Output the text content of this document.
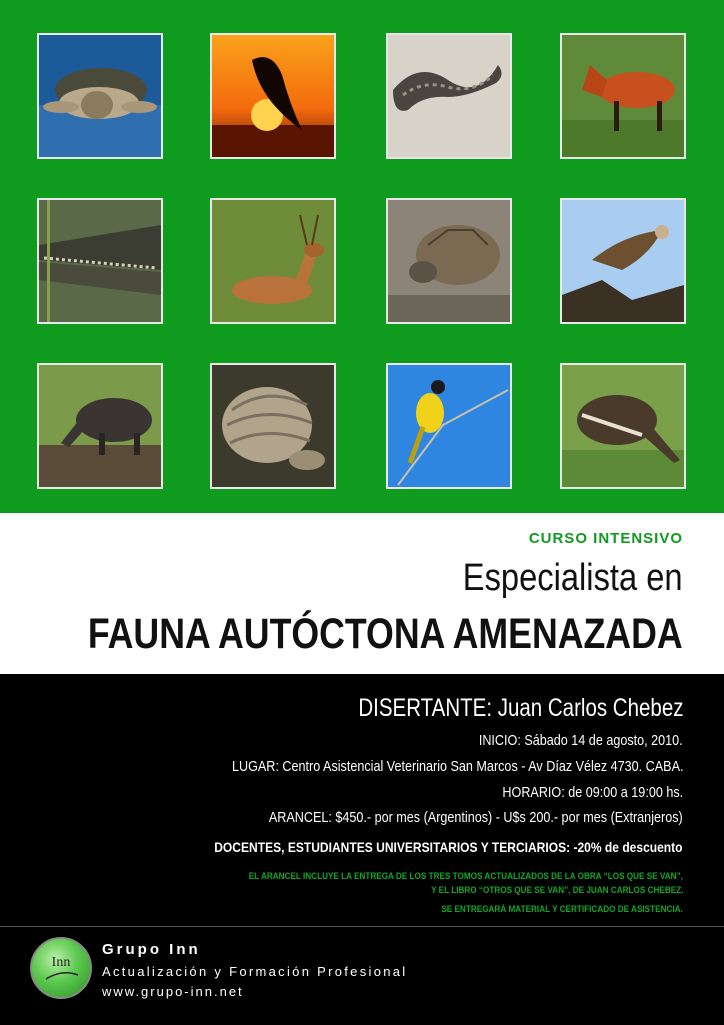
CURSO INTENSIVO
Especialista en
FAUNA AUTÓCTONA AMENAZADA
DISERTANTE: Juan Carlos Chebez
INICIO: Sábado 14 de agosto, 2010.
LUGAR: Centro Asistencial Veterinario San Marcos - Av Díaz Vélez 4730. CABA.
HORARIO: de 09:00 a 19:00 hs.
ARANCEL: $450.- por mes (Argentinos) - U$s 200.- por mes (Extranjeros)
DOCENTES, ESTUDIANTES UNIVERSITARIOS Y TERCIARIOS: -20% de descuento
EL ARANCEL INCLUYE LA ENTREGA DE LOS TRES TOMOS ACTUALIZADOS DE LA OBRA “LOS QUE SE VAN”,
Y EL LIBRO “OTROS QUE SE VAN”, DE JUAN CARLOS CHEBEZ.
SE ENTREGARÁ MATERIAL Y CERTIFICADO DE ASISTENCIA.
Inn
Grupo Inn
Actualización y Formación Profesional
www.grupo-inn.net
